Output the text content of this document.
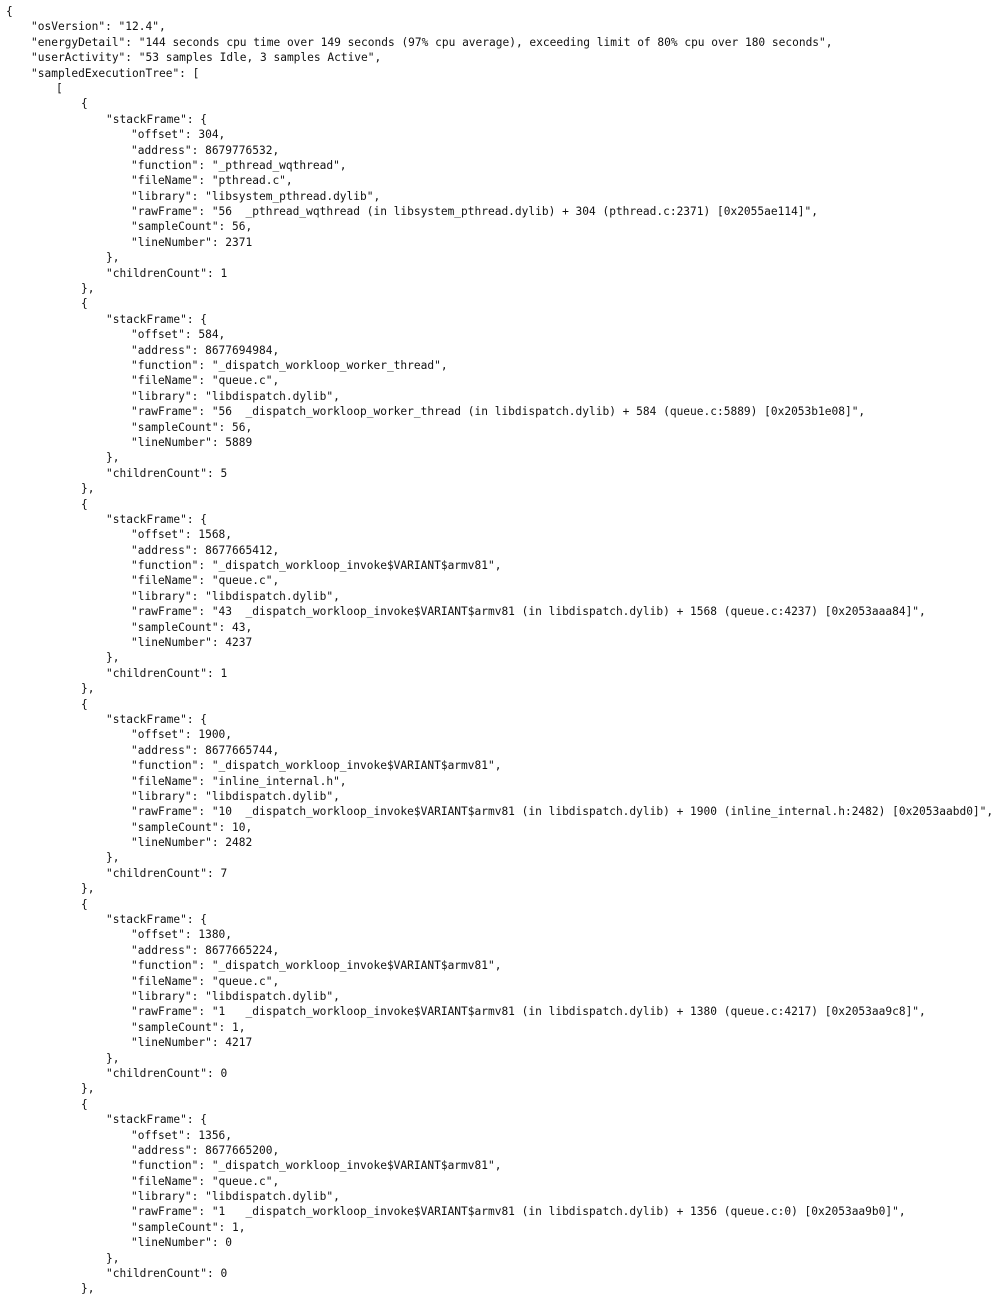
{
"osVersion": "12.4",
"energyDetail": "144 seconds cpu time over 149 seconds (97% cpu average), exceeding limit of 80% cpu over 180 seconds",
"userActivity": "53 samples Idle, 3 samples Active",
"sampledExecutionTree": [
[
{
"stackFrame": {
"offset": 304,
"address": 8679776532,
"function": "_pthread_wqthread",
"fileName": "pthread.c",
"library": "libsystem_pthread.dylib",
"rawFrame": "56  _pthread_wqthread (in libsystem_pthread.dylib) + 304 (pthread.c:2371) [0x2055ae114]",
"sampleCount": 56,
"lineNumber": 2371
},
"childrenCount": 1
},
{
"stackFrame": {
"offset": 584,
"address": 8677694984,
"function": "_dispatch_workloop_worker_thread",
"fileName": "queue.c",
"library": "libdispatch.dylib",
"rawFrame": "56  _dispatch_workloop_worker_thread (in libdispatch.dylib) + 584 (queue.c:5889) [0x2053b1e08]",
"sampleCount": 56,
"lineNumber": 5889
},
"childrenCount": 5
},
{
"stackFrame": {
"offset": 1568,
"address": 8677665412,
"function": "_dispatch_workloop_invoke$VARIANT$armv81",
"fileName": "queue.c",
"library": "libdispatch.dylib",
"rawFrame": "43  _dispatch_workloop_invoke$VARIANT$armv81 (in libdispatch.dylib) + 1568 (queue.c:4237) [0x2053aaa84]",
"sampleCount": 43,
"lineNumber": 4237
},
"childrenCount": 1
},
{
"stackFrame": {
"offset": 1900,
"address": 8677665744,
"function": "_dispatch_workloop_invoke$VARIANT$armv81",
"fileName": "inline_internal.h",
"library": "libdispatch.dylib",
"rawFrame": "10  _dispatch_workloop_invoke$VARIANT$armv81 (in libdispatch.dylib) + 1900 (inline_internal.h:2482) [0x2053aabd0]",
"sampleCount": 10,
"lineNumber": 2482
},
"childrenCount": 7
},
{
"stackFrame": {
"offset": 1380,
"address": 8677665224,
"function": "_dispatch_workloop_invoke$VARIANT$armv81",
"fileName": "queue.c",
"library": "libdispatch.dylib",
"rawFrame": "1   _dispatch_workloop_invoke$VARIANT$armv81 (in libdispatch.dylib) + 1380 (queue.c:4217) [0x2053aa9c8]",
"sampleCount": 1,
"lineNumber": 4217
},
"childrenCount": 0
},
{
"stackFrame": {
"offset": 1356,
"address": 8677665200,
"function": "_dispatch_workloop_invoke$VARIANT$armv81",
"fileName": "queue.c",
"library": "libdispatch.dylib",
"rawFrame": "1   _dispatch_workloop_invoke$VARIANT$armv81 (in libdispatch.dylib) + 1356 (queue.c:0) [0x2053aa9b0]",
"sampleCount": 1,
"lineNumber": 0
},
"childrenCount": 0
},
